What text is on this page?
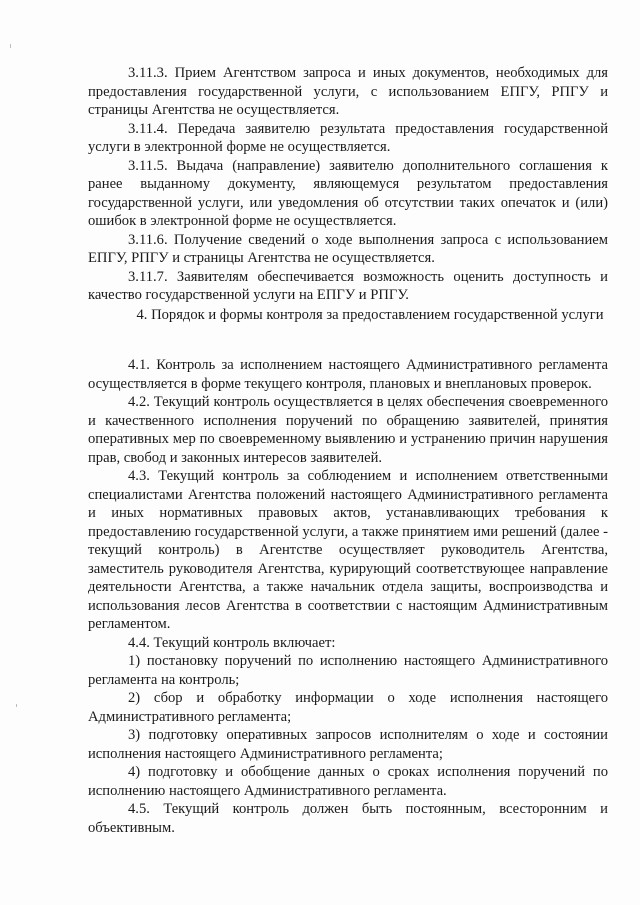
3.11.3. Прием Агентством запроса и иных документов, необходимых для предоставления государственной услуги, с использованием ЕПГУ, РПГУ и страницы Агентства не осуществляется.

3.11.4. Передача заявителю результата предоставления государственной услуги в электронной форме не осуществляется.

3.11.5. Выдача (направление) заявителю дополнительного соглашения к ранее выданному документу, являющемуся результатом предоставления государственной услуги, или уведомления об отсутствии таких опечаток и (или) ошибок в электронной форме не осуществляется.

3.11.6. Получение сведений о ходе выполнения запроса с использованием ЕПГУ, РПГУ и страницы Агентства не осуществляется.

3.11.7. Заявителям обеспечивается возможность оценить доступность и качество государственной услуги на ЕПГУ и РПГУ.

4. Порядок и формы контроля за предоставлением государственной услуги

4.1. Контроль за исполнением настоящего Административного регламента осуществляется в форме текущего контроля, плановых и внеплановых проверок.

4.2. Текущий контроль осуществляется в целях обеспечения своевременного и качественного исполнения поручений по обращению заявителей, принятия оперативных мер по своевременному выявлению и устранению причин нарушения прав, свобод и законных интересов заявителей.

4.3. Текущий контроль за соблюдением и исполнением ответственными специалистами Агентства положений настоящего Административного регламента и иных нормативных правовых актов, устанавливающих требования к предоставлению государственной услуги, а также принятием ими решений (далее - текущий контроль) в Агентстве осуществляет руководитель Агентства, заместитель руководителя Агентства, курирующий соответствующее направление деятельности Агентства, а также начальник отдела защиты, воспроизводства и использования лесов Агентства в соответствии с настоящим Административным регламентом.

4.4. Текущий контроль включает:

1) постановку поручений по исполнению настоящего Административного регламента на контроль;

2) сбор и обработку информации о ходе исполнения настоящего Административного регламента;

3) подготовку оперативных запросов исполнителям о ходе и состоянии исполнения настоящего Административного регламента;

4) подготовку и обобщение данных о сроках исполнения поручений по исполнению настоящего Административного регламента.

4.5. Текущий контроль должен быть постоянным, всесторонним и объективным.
